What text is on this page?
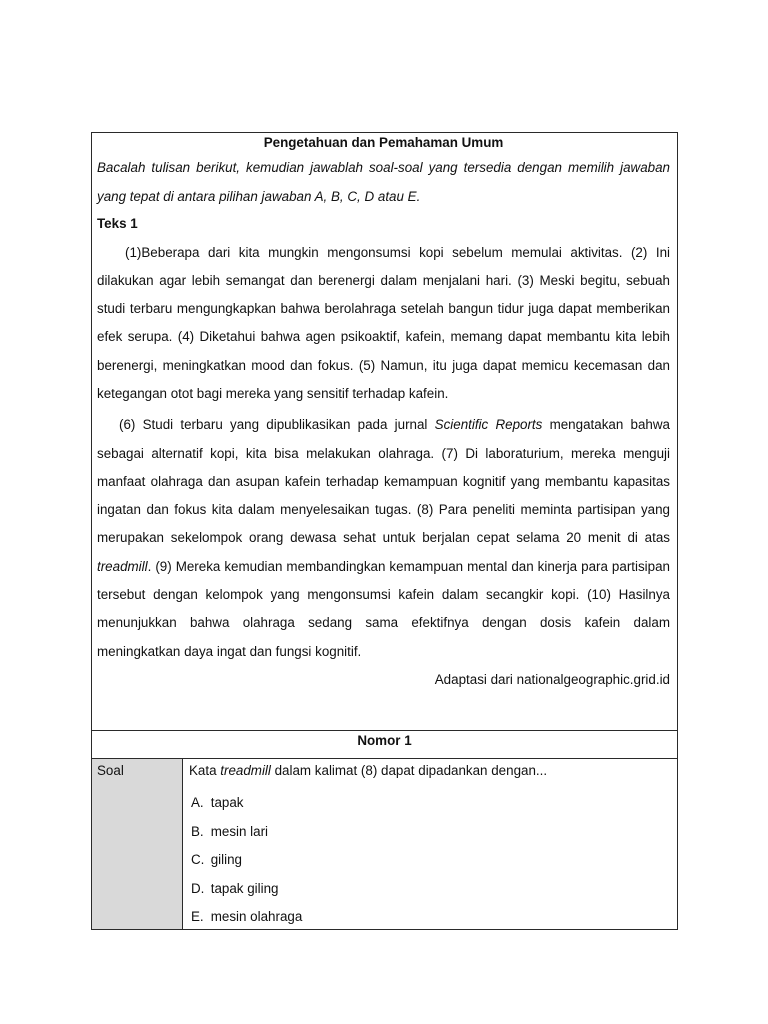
Pengetahuan dan Pemahaman Umum
Bacalah tulisan berikut, kemudian jawablah soal-soal yang tersedia dengan memilih jawaban yang tepat di antara pilihan jawaban A, B, C, D atau E.
Teks 1

(1)Beberapa dari kita mungkin mengonsumsi kopi sebelum memulai aktivitas. (2) Ini dilakukan agar lebih semangat dan berenergi dalam menjalani hari. (3) Meski begitu, sebuah studi terbaru mengungkapkan bahwa berolahraga setelah bangun tidur juga dapat memberikan efek serupa. (4) Diketahui bahwa agen psikoaktif, kafein, memang dapat membantu kita lebih berenergi, meningkatkan mood dan fokus. (5) Namun, itu juga dapat memicu kecemasan dan ketegangan otot bagi mereka yang sensitif terhadap kafein.

(6) Studi terbaru yang dipublikasikan pada jurnal Scientific Reports mengatakan bahwa sebagai alternatif kopi, kita bisa melakukan olahraga. (7) Di laboraturium, mereka menguji manfaat olahraga dan asupan kafein terhadap kemampuan kognitif yang membantu kapasitas ingatan dan fokus kita dalam menyelesaikan tugas. (8) Para peneliti meminta partisipan yang merupakan sekelompok orang dewasa sehat untuk berjalan cepat selama 20 menit di atas treadmill. (9) Mereka kemudian membandingkan kemampuan mental dan kinerja para partisipan tersebut dengan kelompok yang mengonsumsi kafein dalam secangkir kopi. (10) Hasilnya menunjukkan bahwa olahraga sedang sama efektifnya dengan dosis kafein dalam meningkatkan daya ingat dan fungsi kognitif.

Adaptasi dari nationalgeographic.grid.id
Nomor 1
Soal	Kata treadmill dalam kalimat (8) dapat dipadankan dengan...
A. tapak
B. mesin lari
C. giling
D. tapak giling
E. mesin olahraga
